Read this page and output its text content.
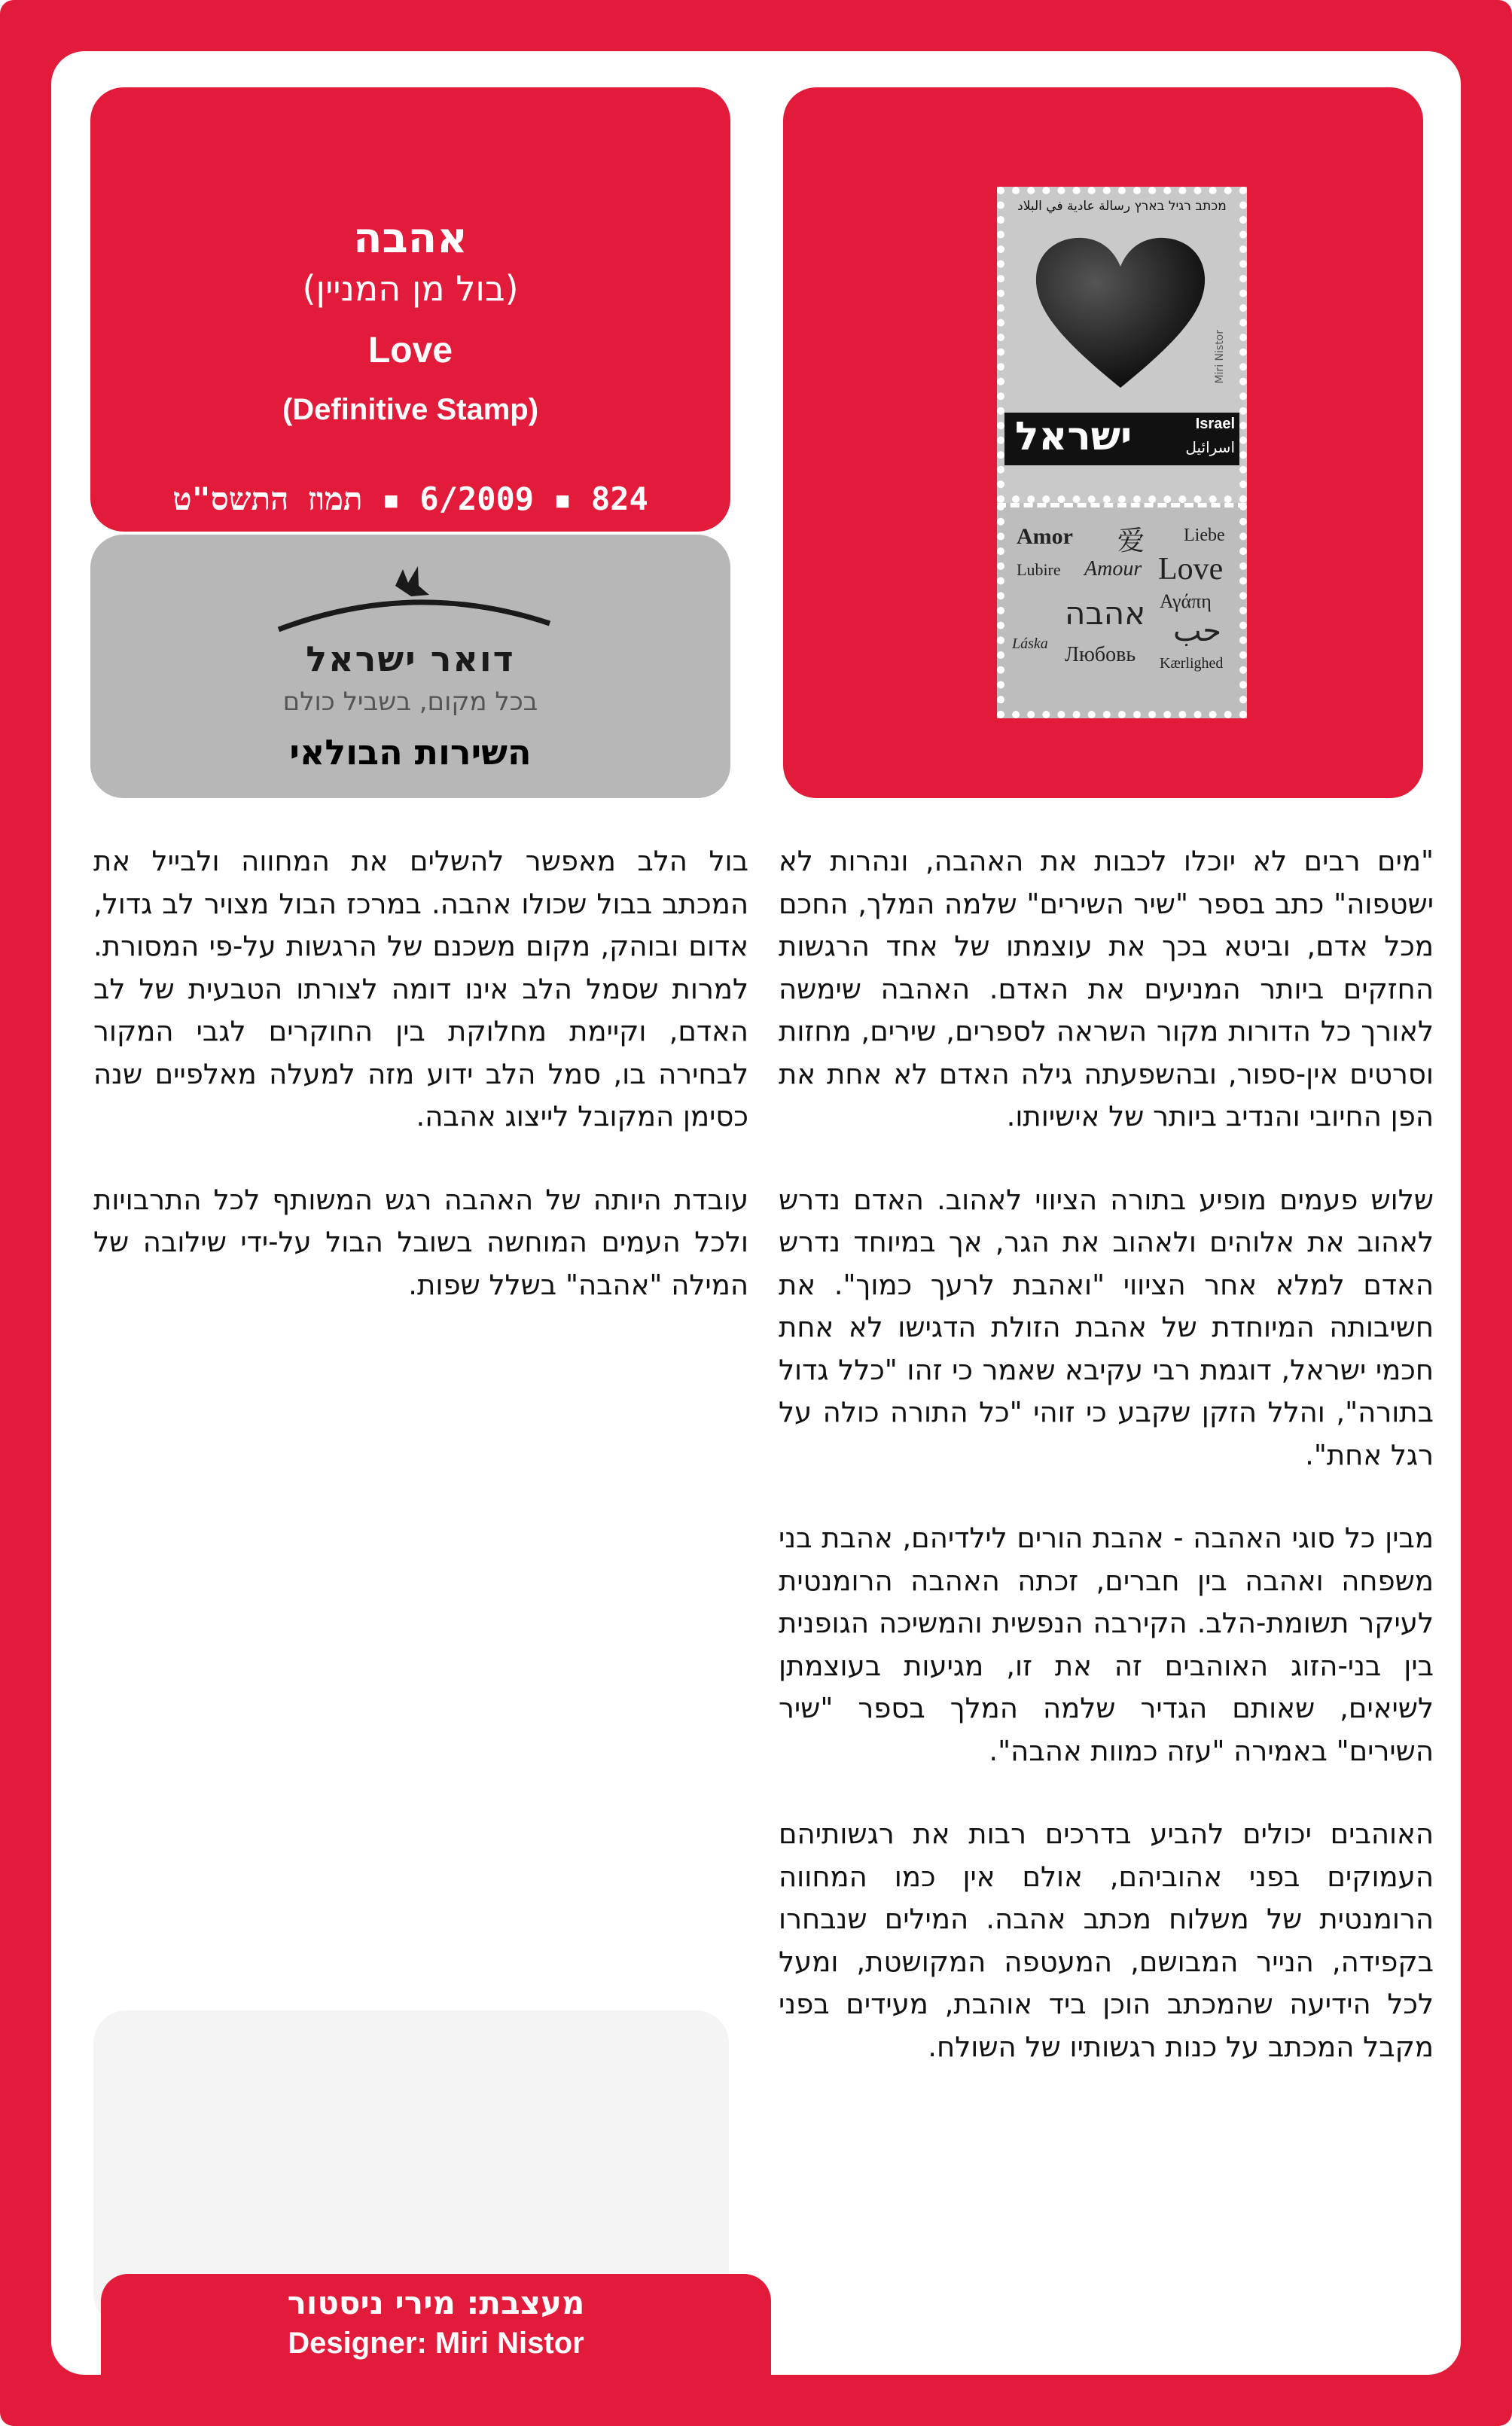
אהבה
(בול מן המניין)
Love
(Definitive Stamp)
824 ▪ 6/2009 ▪ תמוז התשס"ט
דואר ישראל
בכל מקום, בשביל כולם
השירות הבולאי
מכתב רגיל בארץ رسالة عادية في البلاد
Miri Nistor
ישראל	Israel
اسرائيل
Amor 爱 Liebe
Lubire Amour Love
Αγάπη
אהבה حب
Láska Любовь Kærlighed

"מים רבים לא יוכלו לכבות את האהבה, ונהרות לא ישטפוה" כתב בספר "שיר השירים" שלמה המלך, החכם מכל אדם, וביטא בכך את עוצמתו של אחד הרגשות החזקים ביותר המניעים את האדם. האהבה שימשה לאורך כל הדורות מקור השראה לספרים, שירים, מחזות וסרטים אין-ספור, ובהשפעתה גילה האדם לא אחת את הפן החיובי והנדיב ביותר של אישיותו.

שלוש פעמים מופיע בתורה הציווי לאהוב. האדם נדרש לאהוב את אלוהים ולאהוב את הגר, אך במיוחד נדרש האדם למלא אחר הציווי "ואהבת לרעך כמוך". את חשיבותה המיוחדת של אהבת הזולת הדגישו לא אחת חכמי ישראל, דוגמת רבי עקיבא שאמר כי זהו "כלל גדול בתורה", והלל הזקן שקבע כי זוהי "כל התורה כולה על רגל אחת".

מבין כל סוגי האהבה - אהבת הורים לילדיהם, אהבת בני משפחה ואהבה בין חברים, זכתה האהבה הרומנטית לעיקר תשומת-הלב. הקירבה הנפשית והמשיכה הגופנית בין בני-הזוג האוהבים זה את זו, מגיעות בעוצמתן לשיאים, שאותם הגדיר שלמה המלך בספר "שיר השירים" באמירה "עזה כמוות אהבה".

האוהבים יכולים להביע בדרכים רבות את רגשותיהם העמוקים בפני אהוביהם, אולם אין כמו המחווה הרומנטית של משלוח מכתב אהבה. המילים שנבחרו בקפידה, הנייר המבושם, המעטפה המקושטת, ומעל לכל הידיעה שהמכתב הוכן ביד אוהבת, מעידים בפני מקבל המכתב על כנות רגשותיו של השולח.

בול הלב מאפשר להשלים את המחווה ולבייל את המכתב בבול שכולו אהבה. במרכז הבול מצויר לב גדול, אדום ובוהק, מקום משכנם של הרגשות על-פי המסורת. למרות שסמל הלב אינו דומה לצורתו הטבעית של לב האדם, וקיימת מחלוקת בין החוקרים לגבי המקור לבחירה בו, סמל הלב ידוע מזה למעלה מאלפיים שנה כסימן המקובל לייצוג אהבה.

עובדת היותה של האהבה רגש המשותף לכל התרבויות ולכל העמים המוחשה בשובל הבול על-ידי שילובה של המילה "אהבה" בשלל שפות.

מעצבת: מירי ניסטור
Designer: Miri Nistor
